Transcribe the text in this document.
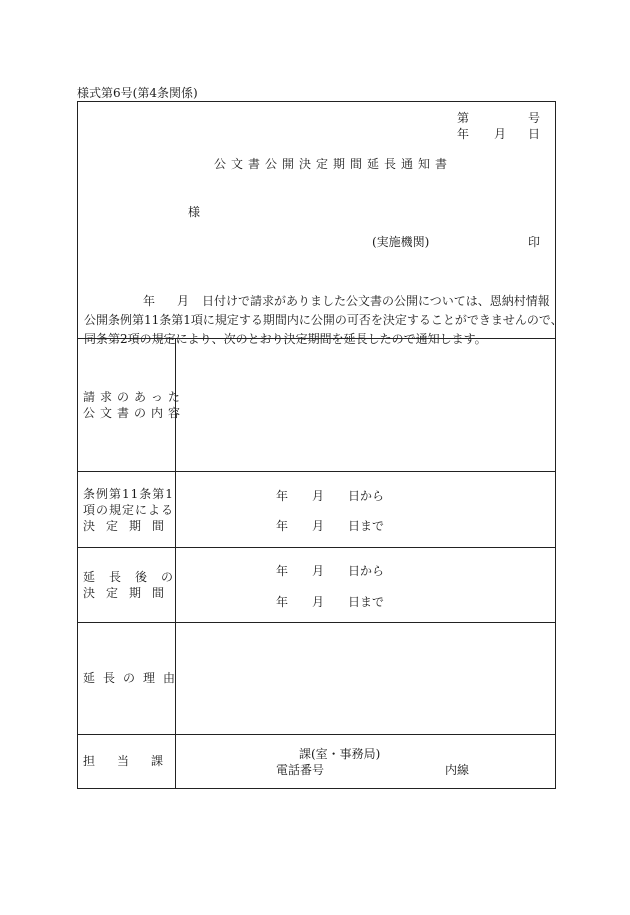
様式第6号(第4条関係)
第	号
年 月 日
公文書公開決定期間延長通知書
様
(実施機関)	印
年 月 日付けで請求がありました公文書の公開については、恩納村情報
公開条例第11条第1項に規定する期間内に公開の可否を決定することができませんので、
同条第2項の規定により、次のとおり決定期間を延長したので通知します。
請求のあった
公文書の内容
条例第11条第1
項の規定による
決定期間
年 月 日から
年 月 日まで
延長後の
決定期間
年 月 日から
年 月 日まで
延長の理由
担当課	課(室・事務局)
電話番号	内線
